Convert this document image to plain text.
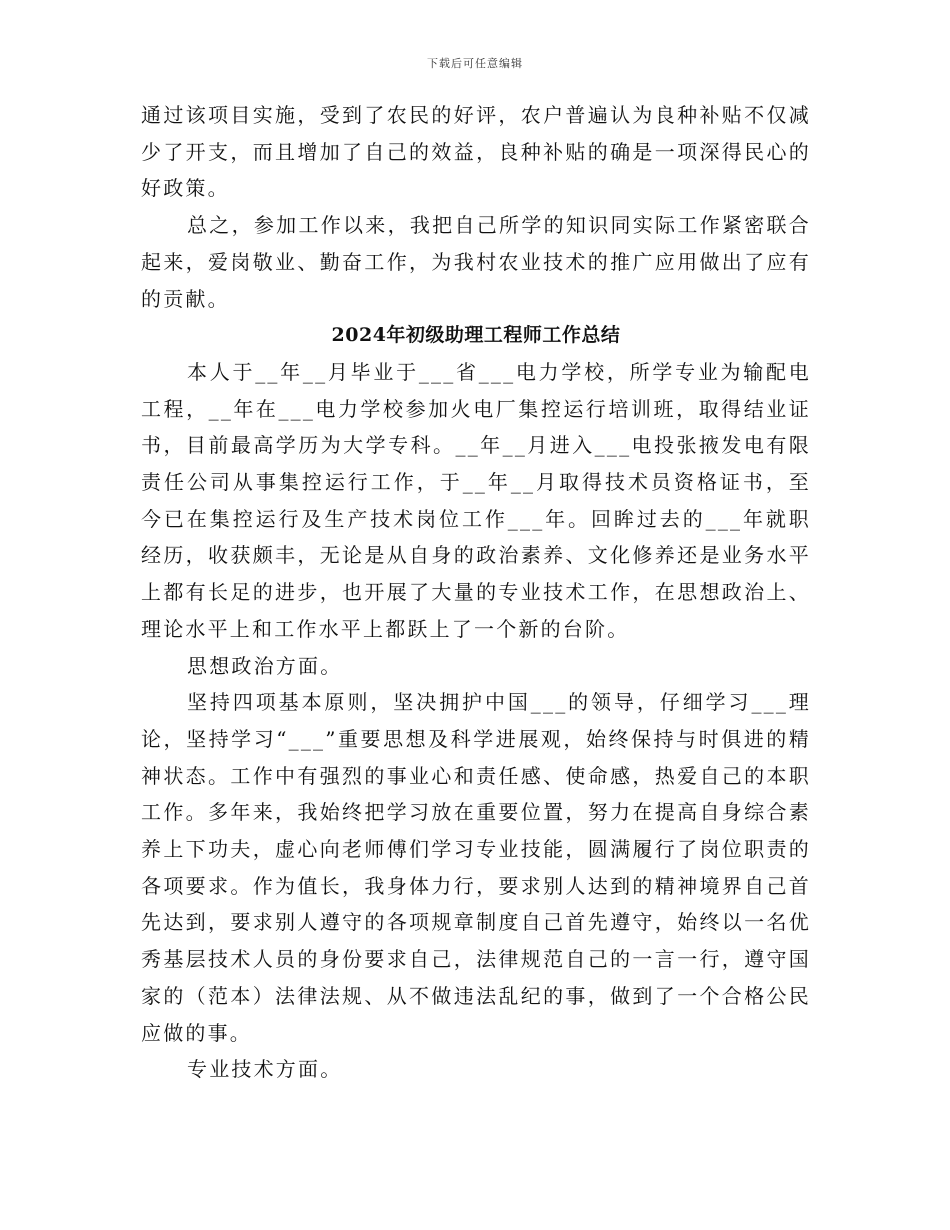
下载后可任意编辑

通过该项目实施，受到了农民的好评，农户普遍认为良种补贴不仅减少了开支，而且增加了自己的效益，良种补贴的确是一项深得民心的好政策。

总之，参加工作以来，我把自己所学的知识同实际工作紧密联合起来，爱岗敬业、勤奋工作，为我村农业技术的推广应用做出了应有的贡献。

2024年初级助理工程师工作总结

本人于__年__月毕业于___省___电力学校，所学专业为输配电工程，__年在___电力学校参加火电厂集控运行培训班，取得结业证书，目前最高学历为大学专科。__年__月进入___电投张掖发电有限责任公司从事集控运行工作，于__年__月取得技术员资格证书，至今已在集控运行及生产技术岗位工作___年。回眸过去的___年就职经历，收获颇丰，无论是从自身的政治素养、文化修养还是业务水平上都有长足的进步，也开展了大量的专业技术工作，在思想政治上、理论水平上和工作水平上都跃上了一个新的台阶。

思想政治方面。

坚持四项基本原则，坚决拥护中国___的领导，仔细学习___理论，坚持学习“___”重要思想及科学进展观，始终保持与时俱进的精神状态。工作中有强烈的事业心和责任感、使命感，热爱自己的本职工作。多年来，我始终把学习放在重要位置，努力在提高自身综合素养上下功夫，虚心向老师傅们学习专业技能，圆满履行了岗位职责的各项要求。作为值长，我身体力行，要求别人达到的精神境界自己首先达到，要求别人遵守的各项规章制度自己首先遵守，始终以一名优秀基层技术人员的身份要求自己，法律规范自己的一言一行，遵守国家的（范本）法律法规、从不做违法乱纪的事，做到了一个合格公民应做的事。

专业技术方面。
